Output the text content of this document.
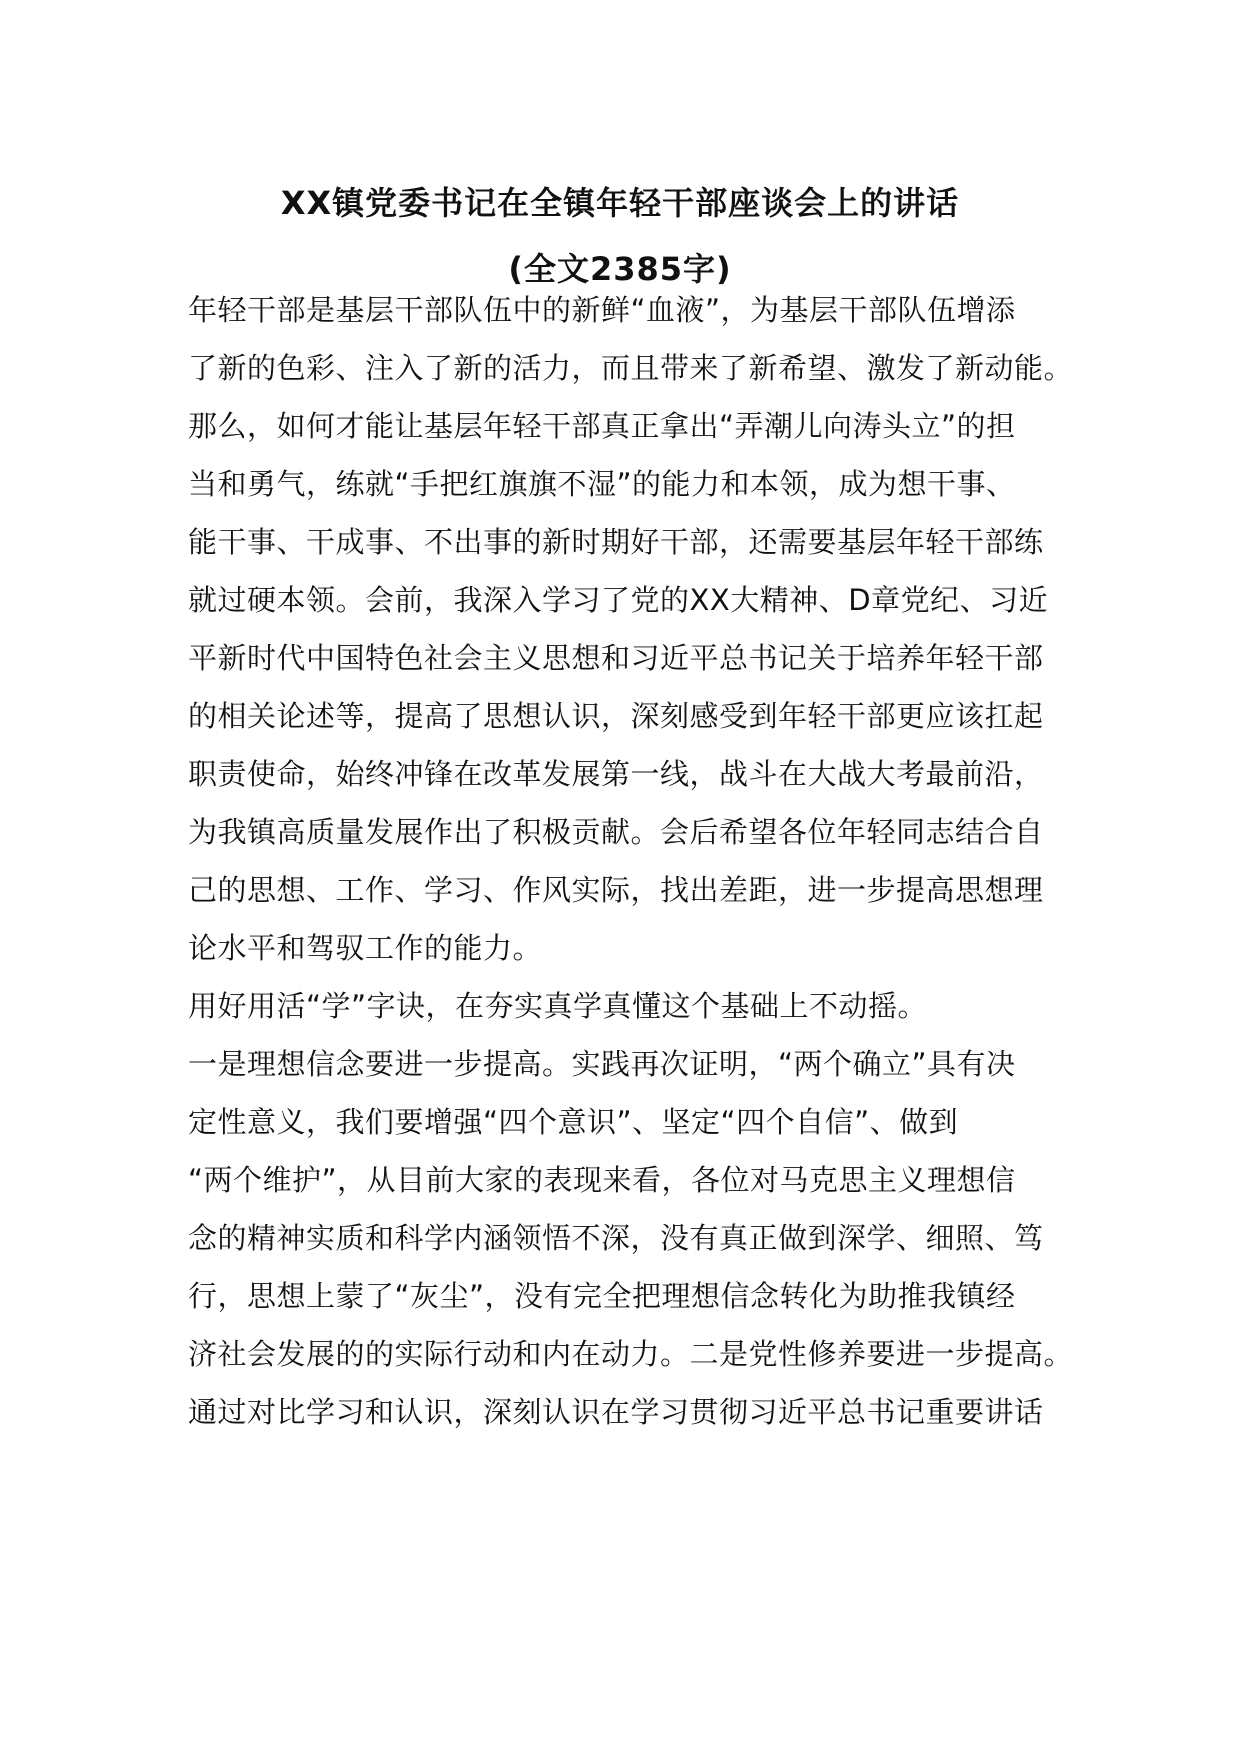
XX镇党委书记在全镇年轻干部座谈会上的讲话
(全文2385字)
年轻干部是基层干部队伍中的新鲜“血液”，为基层干部队伍增添
了新的色彩、注入了新的活力，而且带来了新希望、激发了新动能。
那么，如何才能让基层年轻干部真正拿出“弄潮儿向涛头立”的担
当和勇气，练就“手把红旗旗不湿”的能力和本领，成为想干事、
能干事、干成事、不出事的新时期好干部，还需要基层年轻干部练
就过硬本领。会前，我深入学习了党的XX大精神、D章党纪、习近
平新时代中国特色社会主义思想和习近平总书记关于培养年轻干部
的相关论述等，提高了思想认识，深刻感受到年轻干部更应该扛起
职责使命，始终冲锋在改革发展第一线，战斗在大战大考最前沿，
为我镇高质量发展作出了积极贡献。会后希望各位年轻同志结合自
己的思想、工作、学习、作风实际，找出差距，进一步提高思想理
论水平和驾驭工作的能力。
用好用活“学”字诀，在夯实真学真懂这个基础上不动摇。
一是理想信念要进一步提高。实践再次证明，“两个确立”具有决
定性意义，我们要增强“四个意识”、坚定“四个自信”、做到
“两个维护”，从目前大家的表现来看，各位对马克思主义理想信
念的精神实质和科学内涵领悟不深，没有真正做到深学、细照、笃
行，思想上蒙了“灰尘”，没有完全把理想信念转化为助推我镇经
济社会发展的的实际行动和内在动力。二是党性修养要进一步提高。
通过对比学习和认识，深刻认识在学习贯彻习近平总书记重要讲话
